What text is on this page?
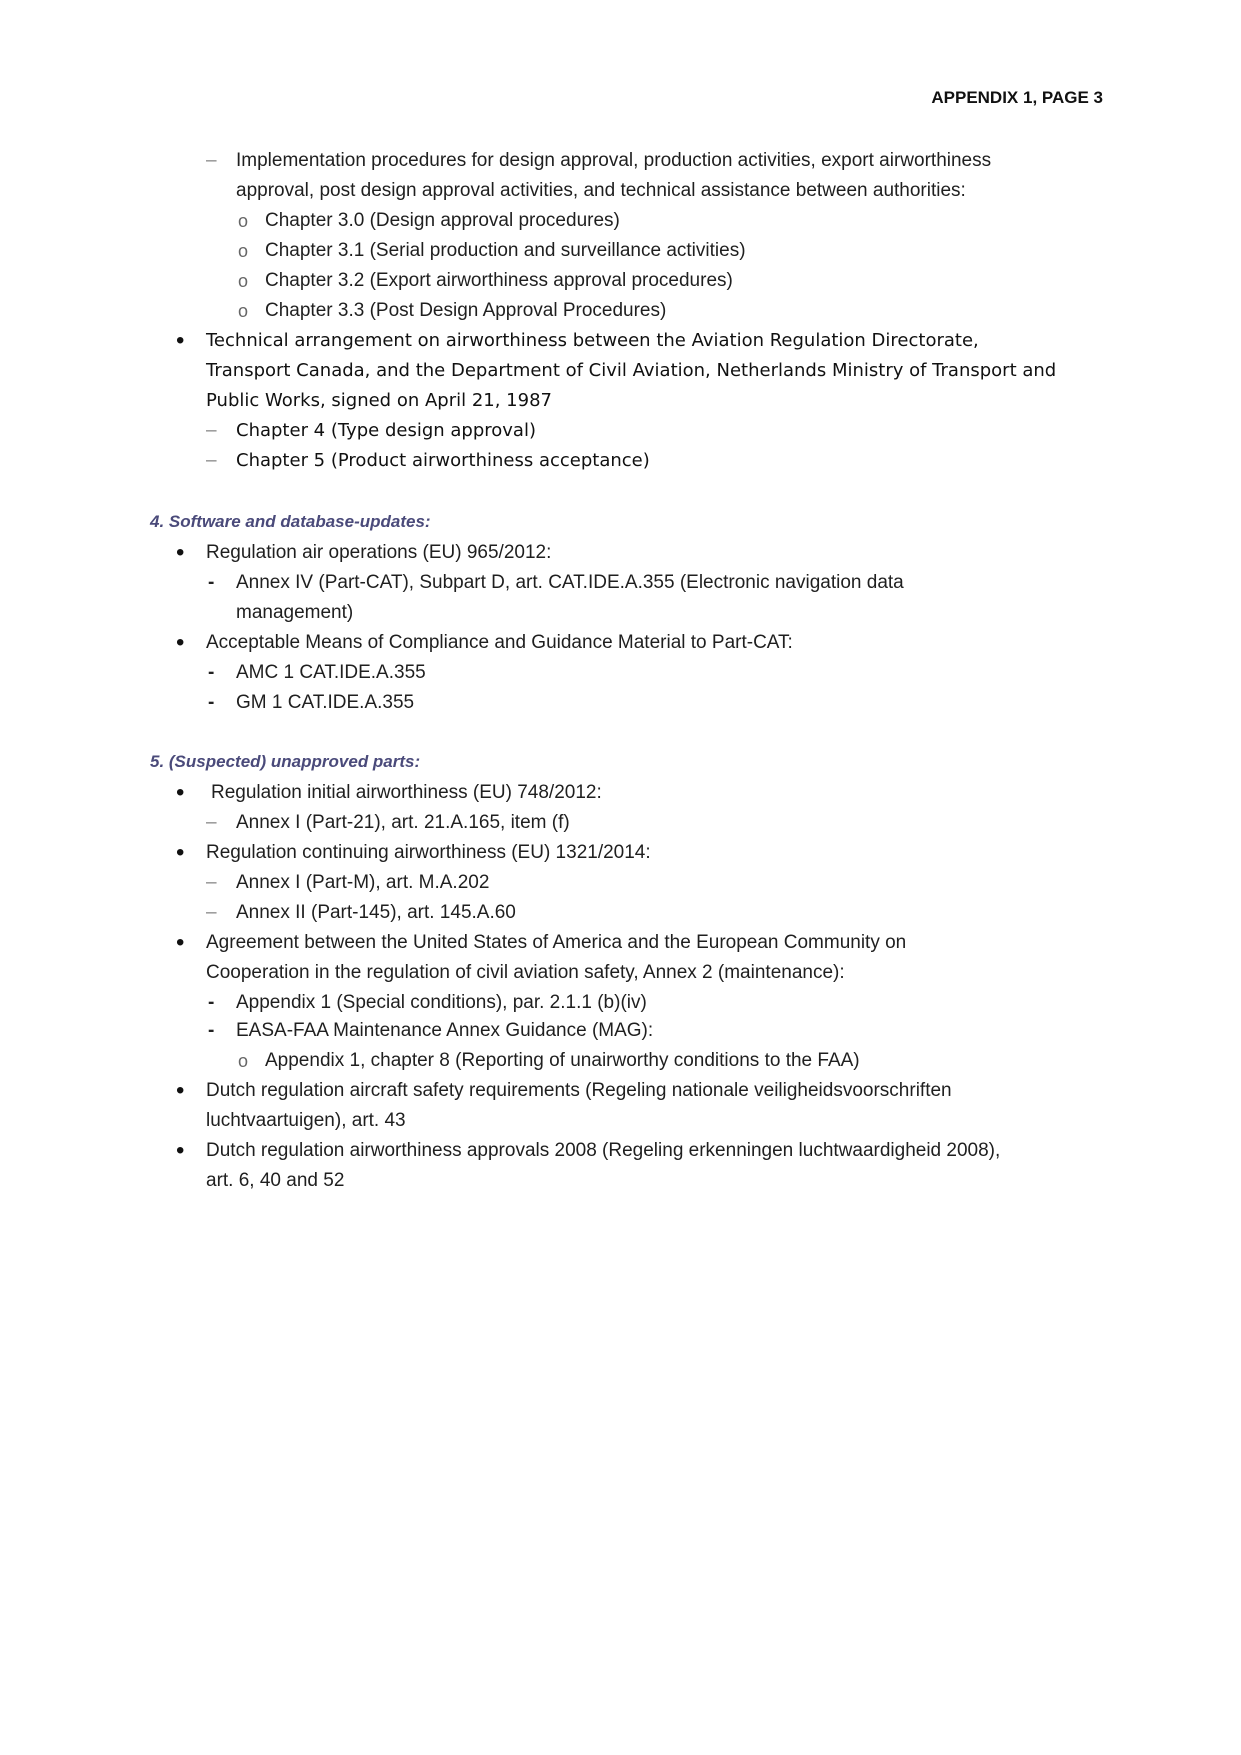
APPENDIX 1, PAGE 3
– Implementation procedures for design approval, production activities, export airworthiness
approval, post design approval activities, and technical assistance between authorities:
o Chapter 3.0 (Design approval procedures)
o Chapter 3.1 (Serial production and surveillance activities)
o Chapter 3.2 (Export airworthiness approval procedures)
o Chapter 3.3 (Post Design Approval Procedures)
• Technical arrangement on airworthiness between the Aviation Regulation Directorate,
Transport Canada, and the Department of Civil Aviation, Netherlands Ministry of Transport and
Public Works, signed on April 21, 1987
– Chapter 4 (Type design approval)
– Chapter 5 (Product airworthiness acceptance)
4. Software and database-updates:
• Regulation air operations (EU) 965/2012:
- Annex IV (Part-CAT), Subpart D, art. CAT.IDE.A.355 (Electronic navigation data
management)
• Acceptable Means of Compliance and Guidance Material to Part-CAT:
- AMC 1 CAT.IDE.A.355
- GM 1 CAT.IDE.A.355
5. (Suspected) unapproved parts:
• Regulation initial airworthiness (EU) 748/2012:
– Annex I (Part-21), art. 21.A.165, item (f)
• Regulation continuing airworthiness (EU) 1321/2014:
– Annex I (Part-M), art. M.A.202
– Annex II (Part-145), art. 145.A.60
• Agreement between the United States of America and the European Community on
Cooperation in the regulation of civil aviation safety, Annex 2 (maintenance):
- Appendix 1 (Special conditions), par. 2.1.1 (b)(iv)
- EASA-FAA Maintenance Annex Guidance (MAG):
o Appendix 1, chapter 8 (Reporting of unairworthy conditions to the FAA)
• Dutch regulation aircraft safety requirements (Regeling nationale veiligheidsvoorschriften
luchtvaartuigen), art. 43
• Dutch regulation airworthiness approvals 2008 (Regeling erkenningen luchtwaardigheid 2008),
art. 6, 40 and 52
